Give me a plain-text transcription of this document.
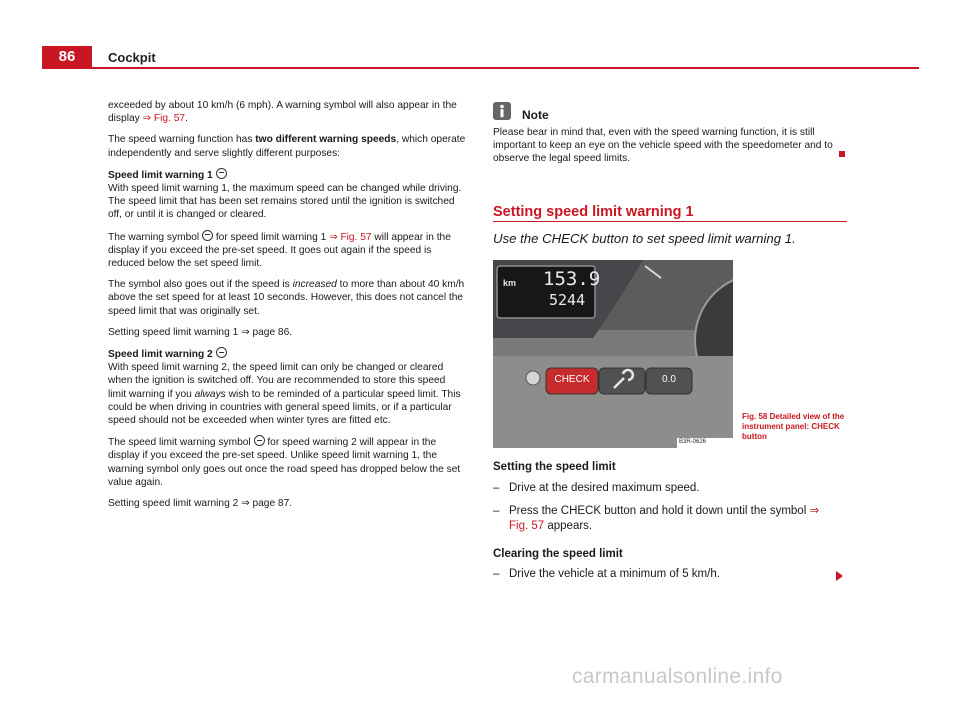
86	Cockpit

exceeded by about 10 km/h (6 mph). A warning symbol will also appear in the display ⇒ Fig. 57.

The speed warning function has two different warning speeds, which operate independently and serve slightly different purposes:

Speed limit warning 1

With speed limit warning 1, the maximum speed can be changed while driving. The speed limit that has been set remains stored until the ignition is switched off, or until it is changed or cleared.

The warning symbol  for speed limit warning 1 ⇒ Fig. 57 will appear in the display if you exceed the pre-set speed. It goes out again if the speed is reduced below the set speed limit.

The symbol also goes out if the speed is increased to more than about 40 km/h above the set speed for at least 10 seconds. However, this does not cancel the speed limit that was originally set.

Setting speed limit warning 1 ⇒ page 86.

Speed limit warning 2

With speed limit warning 2, the speed limit can only be changed or cleared when the ignition is switched off. You are recommended to store this speed limit warning if you always wish to be reminded of a particular speed limit. This could be when driving in countries with general speed limits, or if a particular speed should not be exceeded when winter tyres are fitted etc.

The speed limit warning symbol  for speed warning 2 will appear in the display if you exceed the pre-set speed. Unlike speed limit warning 1, the warning symbol only goes out once the road speed has dropped below the set value again.

Setting speed limit warning 2 ⇒ page 87.

Note

Please bear in mind that, even with the speed warning function, it is still important to keep an eye on the vehicle speed with the speedometer and to observe the legal speed limits.

Setting speed limit warning 1
Use the CHECK button to set speed limit warning 1.
km 153.9
5244
CHECK	0.0
B3R-0626

Fig. 58 Detailed view of the instrument panel: CHECK button

Setting the speed limit
– Drive at the desired maximum speed.
– Press the CHECK button and hold it down until the symbol ⇒ Fig. 57 appears.
Clearing the speed limit
– Drive the vehicle at a minimum of 5 km/h.
carmanualsonline.info
